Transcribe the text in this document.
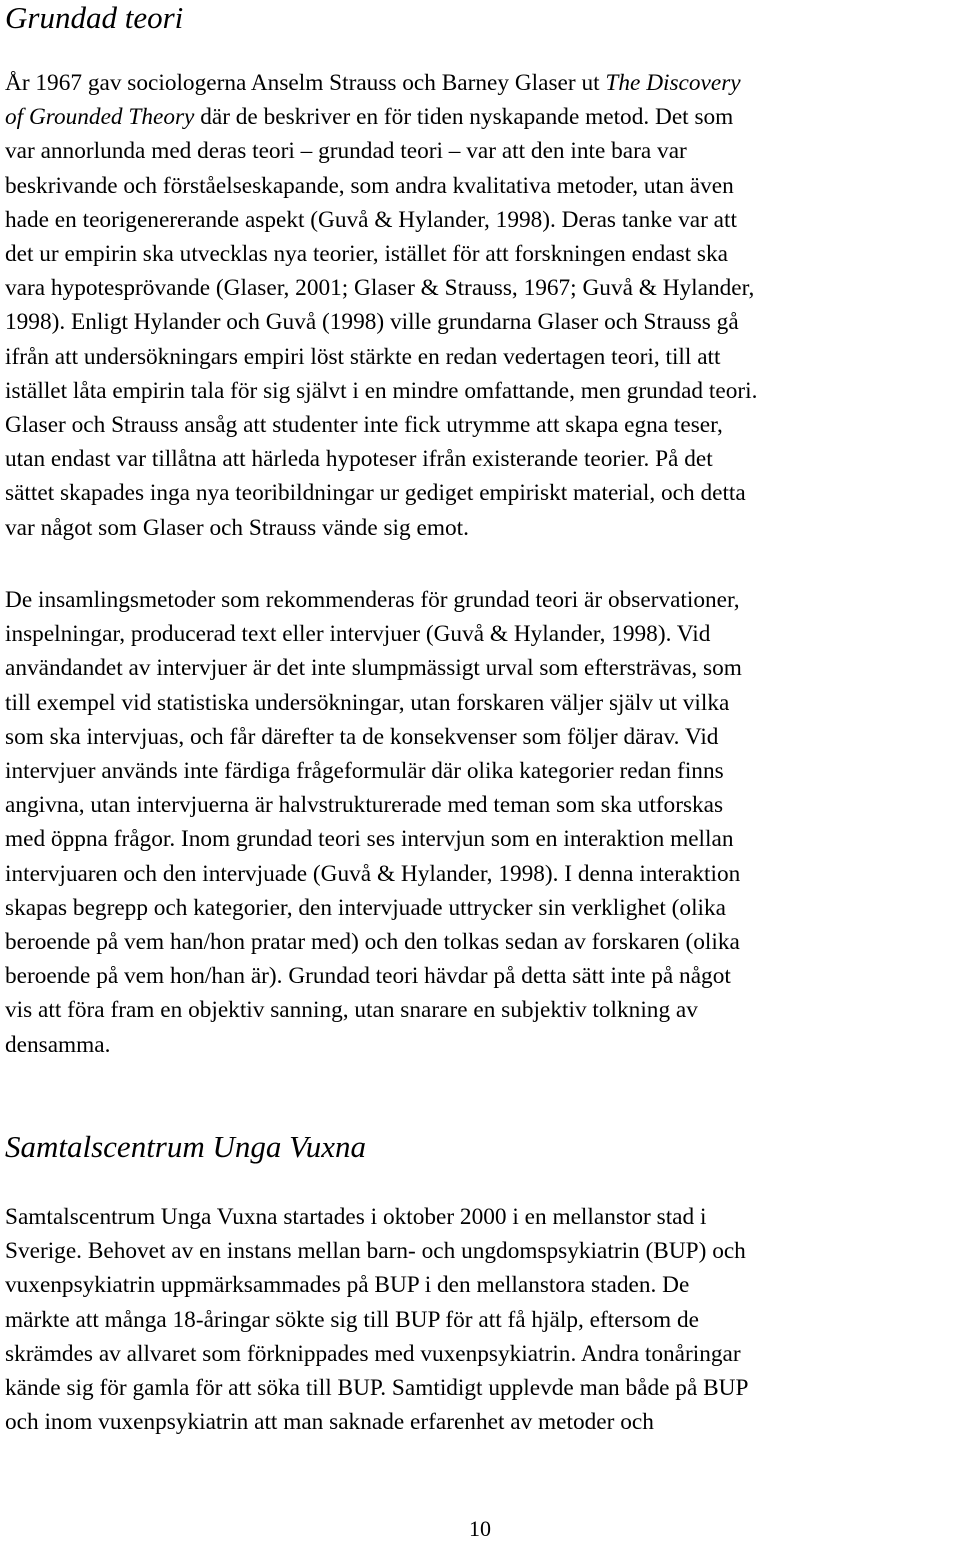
Grundad teori

År 1967 gav sociologerna Anselm Strauss och Barney Glaser ut The Discovery
of Grounded Theory där de beskriver en för tiden nyskapande metod. Det som
var annorlunda med deras teori – grundad teori – var att den inte bara var
beskrivande och förståelseskapande, som andra kvalitativa metoder, utan även
hade en teorigenererande aspekt (Guvå & Hylander, 1998). Deras tanke var att
det ur empirin ska utvecklas nya teorier, istället för att forskningen endast ska
vara hypotesprövande (Glaser, 2001; Glaser & Strauss, 1967; Guvå & Hylander,
1998). Enligt Hylander och Guvå (1998) ville grundarna Glaser och Strauss gå
ifrån att undersökningars empiri löst stärkte en redan vedertagen teori, till att
istället låta empirin tala för sig självt i en mindre omfattande, men grundad teori.
Glaser och Strauss ansåg att studenter inte fick utrymme att skapa egna teser,
utan endast var tillåtna att härleda hypoteser ifrån existerande teorier. På det
sättet skapades inga nya teoribildningar ur gediget empiriskt material, och detta
var något som Glaser och Strauss vände sig emot.

De insamlingsmetoder som rekommenderas för grundad teori är observationer,
inspelningar, producerad text eller intervjuer (Guvå & Hylander, 1998). Vid
användandet av intervjuer är det inte slumpmässigt urval som eftersträvas, som
till exempel vid statistiska undersökningar, utan forskaren väljer själv ut vilka
som ska intervjuas, och får därefter ta de konsekvenser som följer därav. Vid
intervjuer används inte färdiga frågeformulär där olika kategorier redan finns
angivna, utan intervjuerna är halvstrukturerade med teman som ska utforskas
med öppna frågor. Inom grundad teori ses intervjun som en interaktion mellan
intervjuaren och den intervjuade (Guvå & Hylander, 1998). I denna interaktion
skapas begrepp och kategorier, den intervjuade uttrycker sin verklighet (olika
beroende på vem han/hon pratar med) och den tolkas sedan av forskaren (olika
beroende på vem hon/han är). Grundad teori hävdar på detta sätt inte på något
vis att föra fram en objektiv sanning, utan snarare en subjektiv tolkning av
densamma.

Samtalscentrum Unga Vuxna

Samtalscentrum Unga Vuxna startades i oktober 2000 i en mellanstor stad i
Sverige. Behovet av en instans mellan barn- och ungdomspsykiatrin (BUP) och
vuxenpsykiatrin uppmärksammades på BUP i den mellanstora staden. De
märkte att många 18-åringar sökte sig till BUP för att få hjälp, eftersom de
skrämdes av allvaret som förknippades med vuxenpsykiatrin. Andra tonåringar
kände sig för gamla för att söka till BUP. Samtidigt upplevde man både på BUP
och inom vuxenpsykiatrin att man saknade erfarenhet av metoder och

10
